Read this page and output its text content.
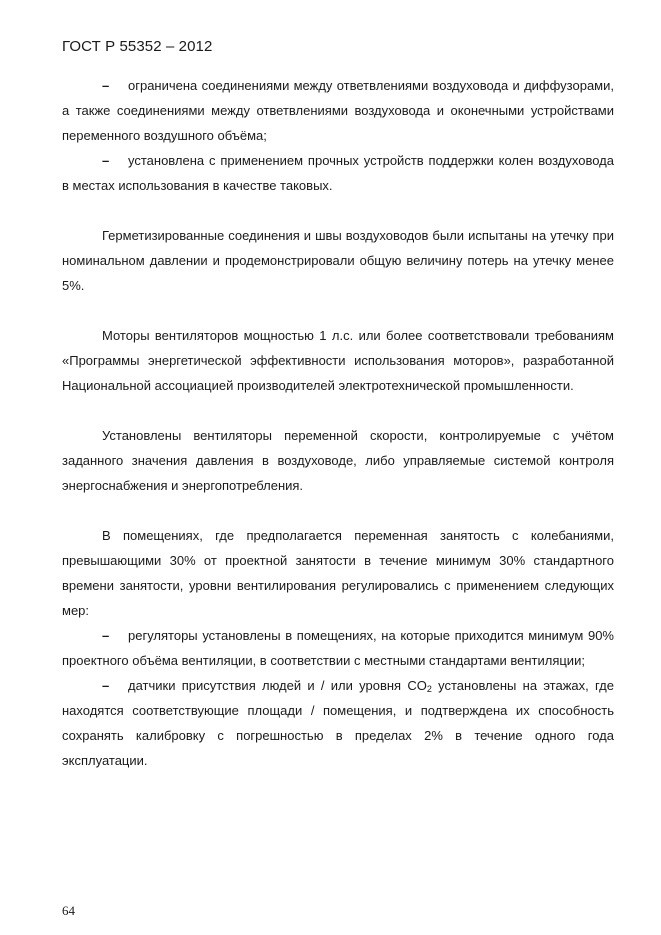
ГОСТ Р 55352 – 2012

– ограничена соединениями между ответвлениями воздуховода и диффузорами, а также соединениями между ответвлениями воздуховода и оконечными устройствами переменного воздушного объёма;

– установлена с применением прочных устройств поддержки колен воздуховода в местах использования в качестве таковых.

Герметизированные соединения и швы воздуховодов были испытаны на утечку при номинальном давлении и продемонстрировали общую величину потерь на утечку менее 5%.

Моторы вентиляторов мощностью 1 л.с. или более соответствовали требованиям «Программы энергетической эффективности использования моторов», разработанной Национальной ассоциацией производителей электротехнической промышленности.

Установлены вентиляторы переменной скорости, контролируемые с учётом заданного значения давления в воздуховоде, либо управляемые системой контроля энергоснабжения и энергопотребления.

В помещениях, где предполагается переменная занятость с колебаниями, превышающими 30% от проектной занятости в течение минимум 30% стандартного времени занятости, уровни вентилирования регулировались с применением следующих мер:

– регуляторы установлены в помещениях, на которые приходится минимум 90% проектного объёма вентиляции, в соответствии с местными стандартами вентиляции;

– датчики присутствия людей и / или уровня $CO_2$ установлены на этажах, где находятся соответствующие площади / помещения, и подтверждена их способность сохранять калибровку с погрешностью в пределах 2% в течение одного года эксплуатации.

64
